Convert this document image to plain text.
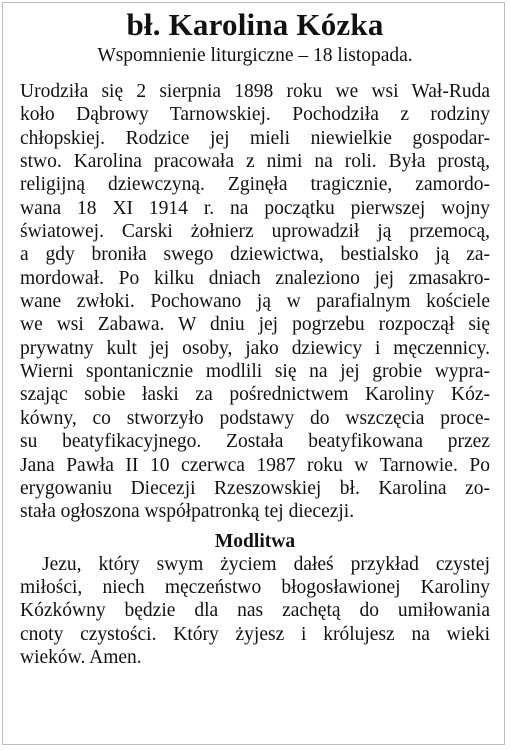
bł. Karolina Kózka
Wspomnienie liturgiczne – 18 listopada.
Urodziła się 2 sierpnia 1898 roku we wsi Wał-Ruda
koło Dąbrowy Tarnowskiej. Pochodziła z rodziny
chłopskiej. Rodzice jej mieli niewielkie gospodar-
stwo. Karolina pracowała z nimi na roli. Była prostą,
religijną dziewczyną. Zginęła tragicznie, zamordo-
wana 18 XI 1914 r. na początku pierwszej wojny
światowej. Carski żołnierz uprowadził ją przemocą,
a gdy broniła swego dziewictwa, bestialsko ją za-
mordował. Po kilku dniach znaleziono jej zmasakro-
wane zwłoki. Pochowano ją w parafialnym kościele
we wsi Zabawa. W dniu jej pogrzebu rozpoczął się
prywatny kult jej osoby, jako dziewicy i męczennicy.
Wierni spontanicznie modlili się na jej grobie wypra-
szając sobie łaski za pośrednictwem Karoliny Kóz-
kówny, co stworzyło podstawy do wszczęcia proce-
su beatyfikacyjnego. Została beatyfikowana przez
Jana Pawła II 10 czerwca 1987 roku w Tarnowie. Po
erygowaniu Diecezji Rzeszowskiej bł. Karolina zo-
stała ogłoszona współpatronką tej diecezji.
Modlitwa
Jezu, który swym życiem dałeś przykład czystej
miłości, niech męczeństwo błogosławionej Karoliny
Kózkówny będzie dla nas zachętą do umiłowania
cnoty czystości. Który żyjesz i królujesz na wieki
wieków. Amen.
